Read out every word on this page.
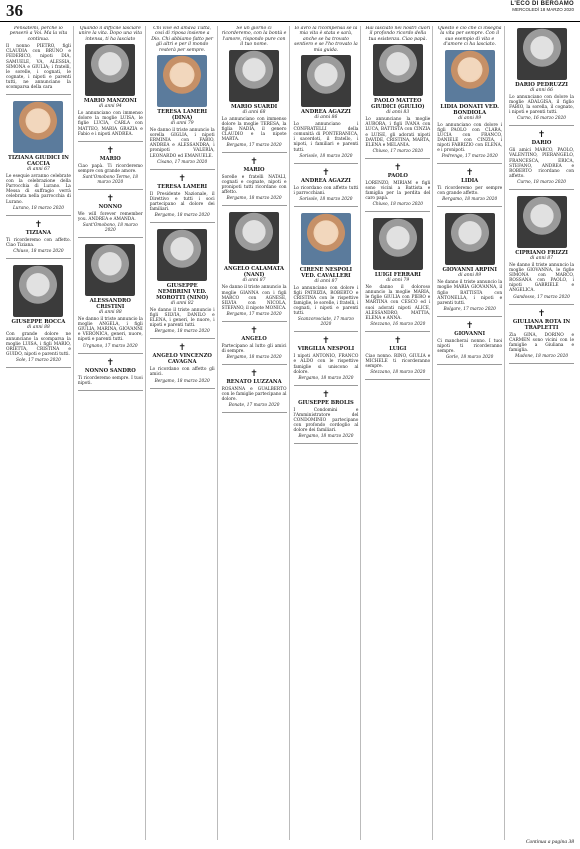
36	L'ECO DI BERGAMO
MERCOLEDÌ 18 MARZO 2020
Pensatemi, perché io penserò a Voi. Ma la vita continua.
Il nonno PIETRO, figli CLAUDIA con BRUNO e FEDERICO, nipoti DIA, SAMUELE, VA, ALESSIA, SIMONA e GIULIA; i fratelli, le sorelle, i cognati, le cognate, i nipoti e parenti tutti, ne annunciano la scomparsa della cara
TIZIANA GIUDICI IN CACCIA
di anni 67
Le esequie avranno celebrate con la celebrazione della Parrocchia di Lurano. La Messa di suffragio verrà celebrata nella parrocchia di Lurano.
Lurano, 18 marzo 2020
✝
TIZIANA
Ti ricorderemo con affetto. Ciao Tiziana.
Chiuso, 18 marzo 2020
GIUSEPPE ROCCA
di anni 88
Con grande dolore ne annunciano la scomparsa la moglie LUISA, i figli MARIO, ORIETTA, CRISTINA e GUIDO, nipoti e parenti tutti.
Sole, 17 marzo 2020
Quando il difficile lasciare unire la vita. Dopo una vita intensa, ti ha lasciato
MARIO MANZONI
di anni 94
Lo annunciano con immenso dolore la moglie LUISA, le figlie LUCIA, CARLA con MATTEO, MARIA GRAZIA e Fabio e i nipoti ANDREA.
✝
MARIO
Ciao papà. Ti ricorderemo sempre con grande amore.
Sant'Omobono Terme, 18 marzo 2020
✝
NONNO
We will forever remember you. ANDREA e AMANDA.
Sant'Omobono, 18 marzo 2020
ALESSANDRO CRISTINI
di anni 88
Ne danno il triste annuncio la moglie ANGELA, i figli GIULIA, MARINA, GIOVANNI e VERONICA, generi, nuore, nipoti e parenti tutti.
Urgnano, 17 marzo 2020
✝
NONNO SANDRO
Ti ricorderemo sempre. I tuoi nipoti.
Chi vive ed amava Tutta, così di riposa insieme a Dio. Chi abbiamo fatto per gli altri e per il mondo resterà per sempre.
TERESA LAMERI (DINA)
di anni 79
Ne danno il triste annuncio la sorella GIGLIA, i nipoti ERMINIA con FABIO, ANDREA e ALESSANDRA, i pronipoti VALERIA, LEONARDO ed EMANUELE.
Cisano, 17 marzo 2020
✝
TERESA LAMERI
Il Presidente Nazionale, il Direttivo e tutti i soci partecipano al dolore dei familiari.
Bergamo, 18 marzo 2020
GIUSEPPE NEMBRINI VED. MOROTTI (NINO)
di anni 82
Ne danno il triste annuncio i figli SILVIA, DANILO e ELENA, i generi, le nuore, i nipoti e parenti tutti.
Bergamo, 18 marzo 2020
✝
ANGELO VINCENZO CAVAGNA
Lo ricordano con affetto gli amici.
Bergamo, 18 marzo 2020
Se un giorno ci ricorderemo, con la bontà e l'amore, rispondo pure con il tuo nome.
MARIO SUARDI
di anni 68
Lo annunciano con immenso dolore la moglie TERESA, la figlia NADIA, il genero CLAUDIO e la nipote MARTA.
Bergamo, 17 marzo 2020
✝
MARIO
Sorelle e fratelli NATALI, cognati e cognate, nipoti e pronipoti tutti ricordano con affetto.
Bergamo, 18 marzo 2020
ANGELO CALAMATA (NANI)
di anni 87
Ne danno il triste annuncio la moglie GIANNA con i figli MARCO con AGNESE, SILVIA con NICOLA, STEFANO, il nipote MONICA.
Bergamo, 17 marzo 2020
✝
ANGELO
Partecipano al lutto gli amici di sempre.
Bergamo, 18 marzo 2020
✝
RENATO LUZZANA
ROSANNA e GUALBERTO con le famiglie partecipano al dolore.
Bonate, 17 marzo 2020
Io avrò la ricompensa se la mia vita è stata e sarà, anche se ha trovato sentiero e se l'ho trovato la mia guida.
ANDREA AGAZZI
di anni 86
Lo annunciano i CONFRATELLI della comunità di PONTERANICA, i sacerdoti, il fratello, i nipoti, i familiari e parenti tutti.
Sorisole, 18 marzo 2020
✝
ANDREA AGAZZI
Lo ricordano con affetto tutti i parrocchiani.
Sorisole, 18 marzo 2020
CIRENE NESPOLI VED. CAVALLERI
di anni 87
Lo annunciano con dolore i figli PATRIZIA, ROBERTO e CRISTINA con le rispettive famiglie, le sorelle, i fratelli, i cognati, i nipoti e parenti tutti.
Scanzorosciate, 17 marzo 2020
✝
VIRGILIA NESPOLI
I nipoti ANTONIO, FRANCO e ALDO con le rispettive famiglie si uniscono al dolore.
Bergamo, 18 marzo 2020
✝
GIUSEPPE BROLIS
I Condomini e l'Amministratore del CONDOMINIO partecipano con profondo cordoglio al dolore dei familiari.
Bergamo, 18 marzo 2020
Hai lasciato nei nostri cuori il profondo ricordo della tua esistenza. Ciao papà.
PAOLO MATTEO GIUDICI (GIULIO)
di anni 83
Lo annunciano la moglie AURORA, i figli IVANA con LUCA, BATTISTA con CINZIA e LUISE, gli adorati nipoti DAVIDE, CRISTINA, MARTA, ELENA e MELANIA.
Chiuso, 17 marzo 2020
✝
PAOLO
LORENZO, MIRIAM e figli sono vicini a Battista e famiglia per la perdita del caro papà.
Chiuso, 18 marzo 2020
LUIGI FERRARI
di anni 79
Ne danno il doloroso annuncio la moglie MARIA, le figlie GIULIA con PIERO e MARTINA con CESCO ed i suoi adorati nipoti ALICE, ALESSANDRO, MATTIA, ELENA e ANNA.
Stezzano, 16 marzo 2020
✝
LUIGI
Ciao nonno. RINO, GIULIA e MICHELE ti ricorderanno sempre.
Stezzano, 18 marzo 2020
Questo è ciò che ci insegna la vita per sempre. Con il suo esempio di vita e d'amore ci ha lasciato.
LIDIA DONATI VED. BONDIOLA
di anni 89
Lo annunciano con dolore i figli PAOLO con CLARA, LUCIA con FRANCO, DANIELE con CINZIA, i nipoti FABRIZIO con ELENA, e i pronipoti.
Pedrengo, 17 marzo 2020
✝
LIDIA
Ti ricorderemo per sempre con grande affetto.
Bergamo, 18 marzo 2020
GIOVANNI ARPINI
di anni 89
Ne danno il triste annuncio la moglie MARIA GIOVANNA, il figlio BATTISTA con ANTONELLA, i nipoti e parenti tutti.
Bolgare, 17 marzo 2020
✝
GIOVANNI
Ci mancherai nonno. I tuoi nipoti ti ricorderanno sempre.
Gorle, 18 marzo 2020
DARIO PEDRUZZI
di anni 66
Lo annunciano con dolore la moglie ADALGISA, il figlio FABIO, la sorella, il cognato, i nipoti e parenti tutti.
Curno, 16 marzo 2020
✝
DARIO
Gli amici MARCO, PAOLO, VALENTINO, PIERANGELO, FRANCESCA, ERICA, STEFANO, ANDREA e ROBERTO ricordano con affetto.
Curno, 18 marzo 2020
CIPRIANO FRIZZI
di anni 87
Ne danno il triste annuncio la moglie GIOVANNA, le figlie SIMONA con MARCO, ROSSANA con PAOLO, i nipoti GABRIELE e ANGELICA.
Gandosso, 17 marzo 2020
✝
GIULIANA ROTA IN TRAPLETTI
Zia GINA, DORINO e CARMEN sono vicini con le famiglie a Giuliana e famiglia.
Madone, 18 marzo 2020
Continua a pagina 38
